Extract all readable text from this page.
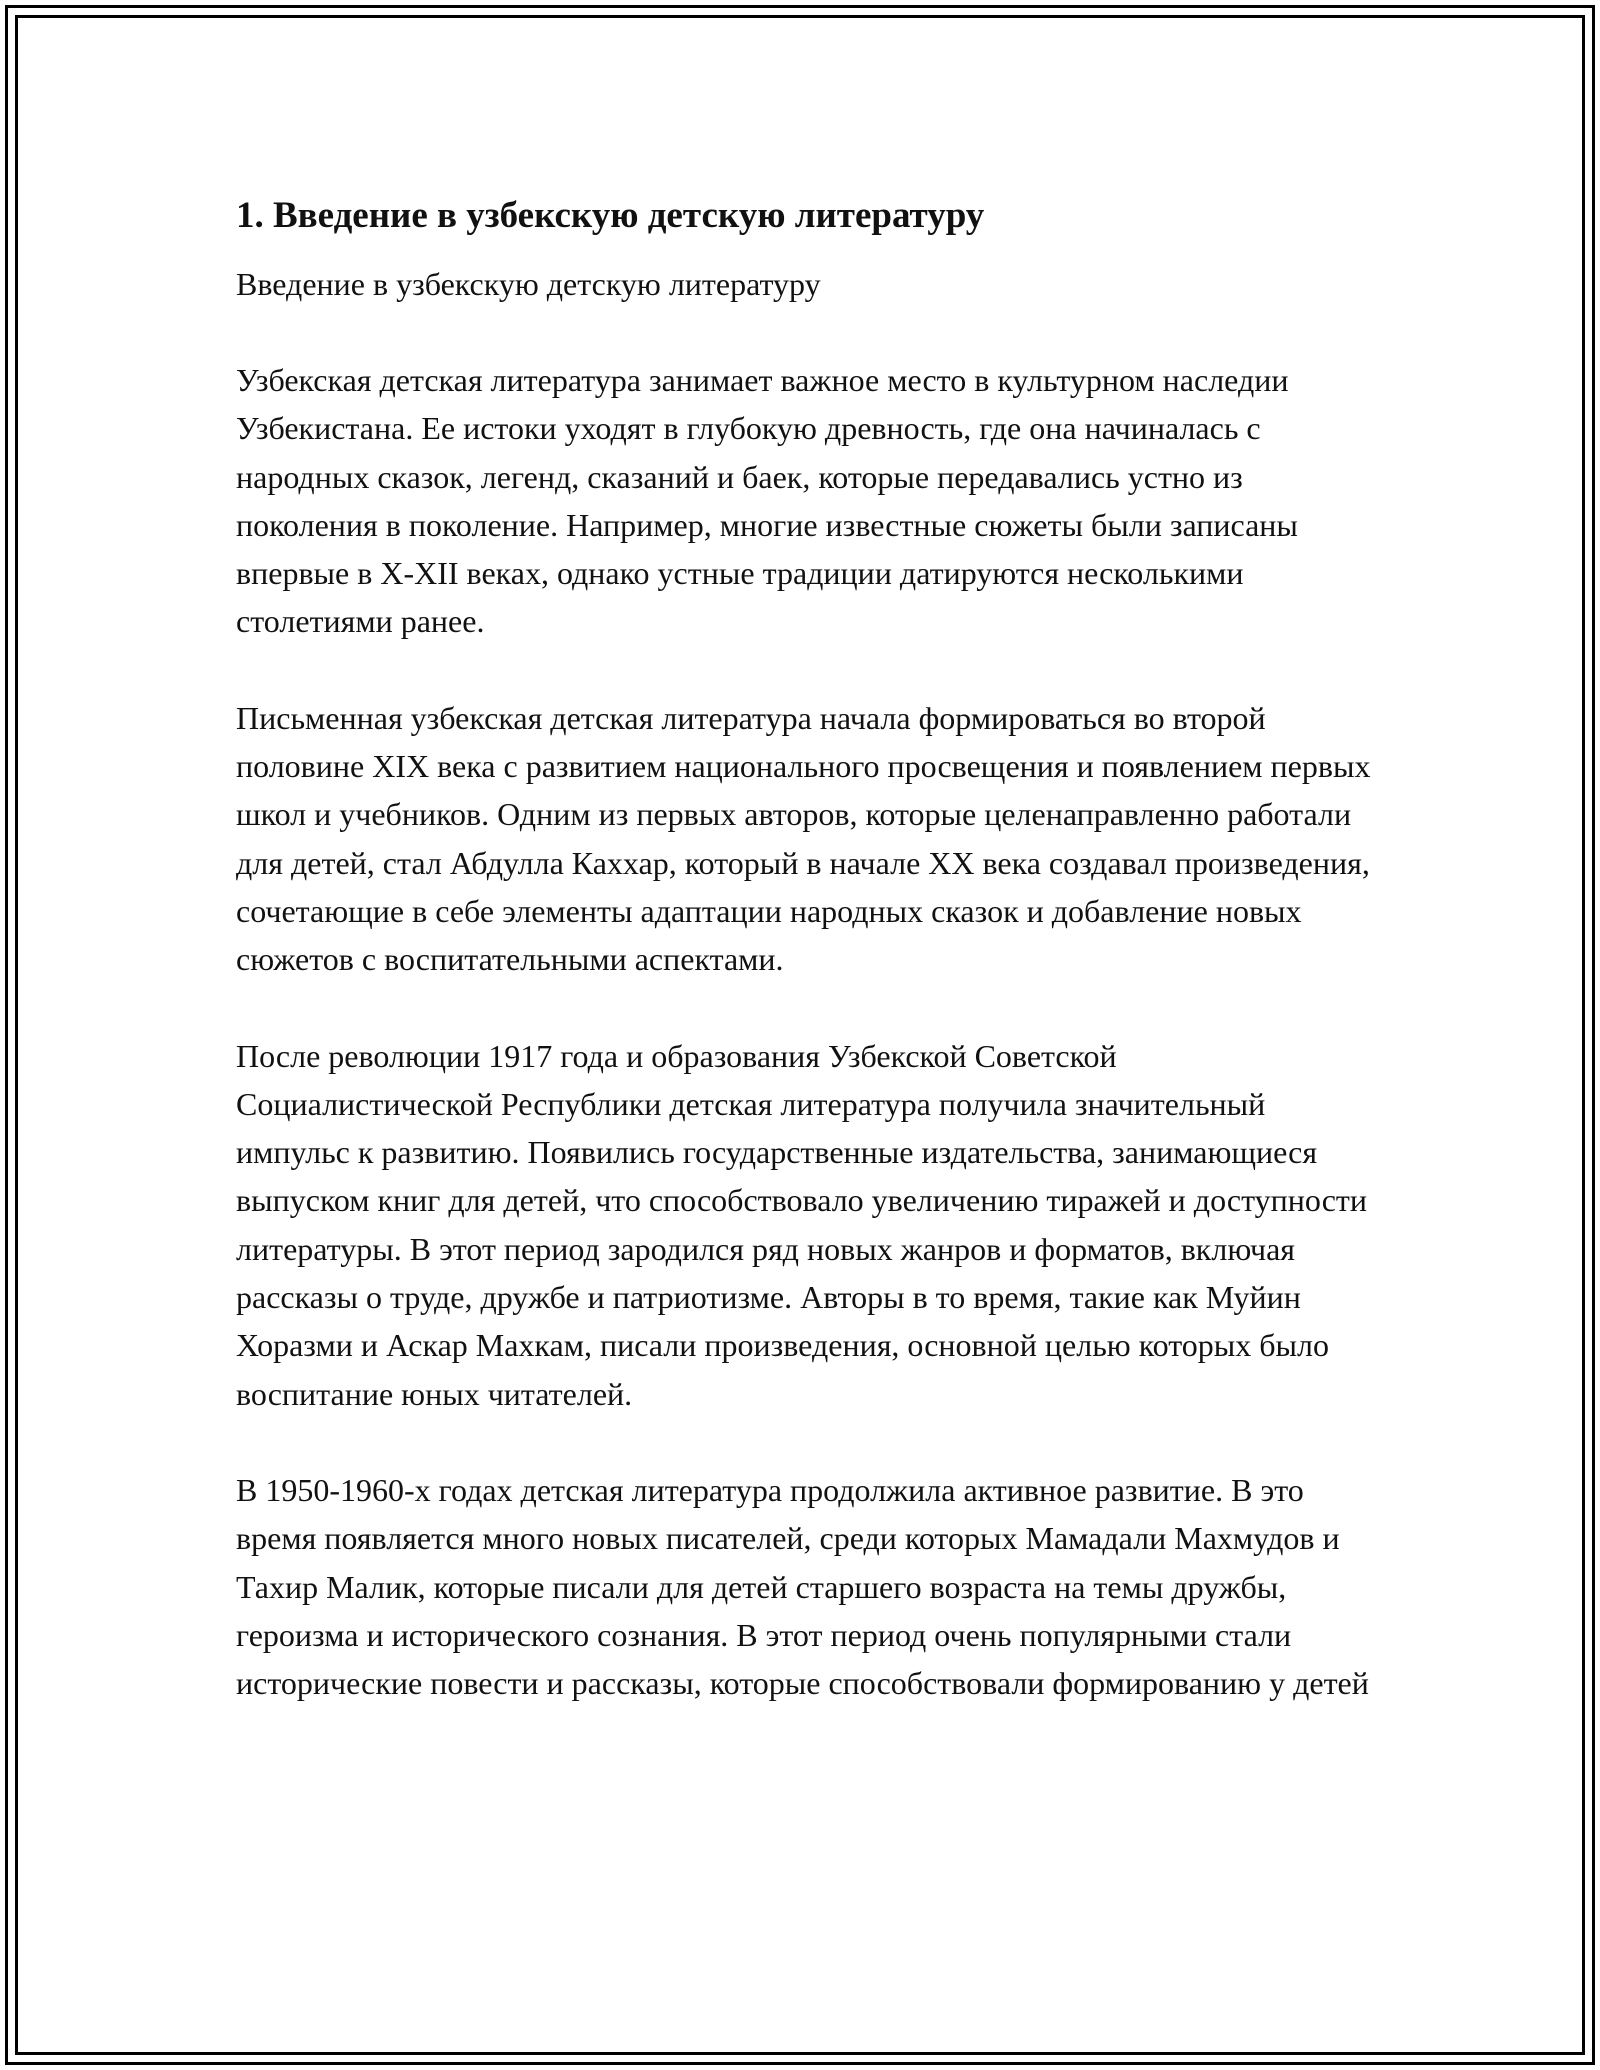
1. Введение в узбекскую детскую литературу

Введение в узбекскую детскую литературу

Узбекская детская литература занимает важное место в культурном наследии Узбекистана. Ее истоки уходят в глубокую древность, где она начиналась с народных сказок, легенд, сказаний и баек, которые передавались устно из поколения в поколение. Например, многие известные сюжеты были записаны впервые в X-XII веках, однако устные традиции датируются несколькими столетиями ранее.

Письменная узбекская детская литература начала формироваться во второй половине XIX века с развитием национального просвещения и появлением первых школ и учебников. Одним из первых авторов, которые целенаправленно работали для детей, стал Абдулла Каххар, который в начале XX века создавал произведения, сочетающие в себе элементы адаптации народных сказок и добавление новых сюжетов с воспитательными аспектами.

После революции 1917 года и образования Узбекской Советской Социалистической Республики детская литература получила значительный импульс к развитию. Появились государственные издательства, занимающиеся выпуском книг для детей, что способствовало увеличению тиражей и доступности литературы. В этот период зародился ряд новых жанров и форматов, включая рассказы о труде, дружбе и патриотизме. Авторы в то время, такие как Муйин Хоразми и Аскар Махкам, писали произведения, основной целью которых было воспитание юных читателей.

В 1950-1960-х годах детская литература продолжила активное развитие. В это время появляется много новых писателей, среди которых Мамадали Махмудов и Тахир Малик, которые писали для детей старшего возраста на темы дружбы, героизма и исторического сознания. В этот период очень популярными стали исторические повести и рассказы, которые способствовали формированию у детей
